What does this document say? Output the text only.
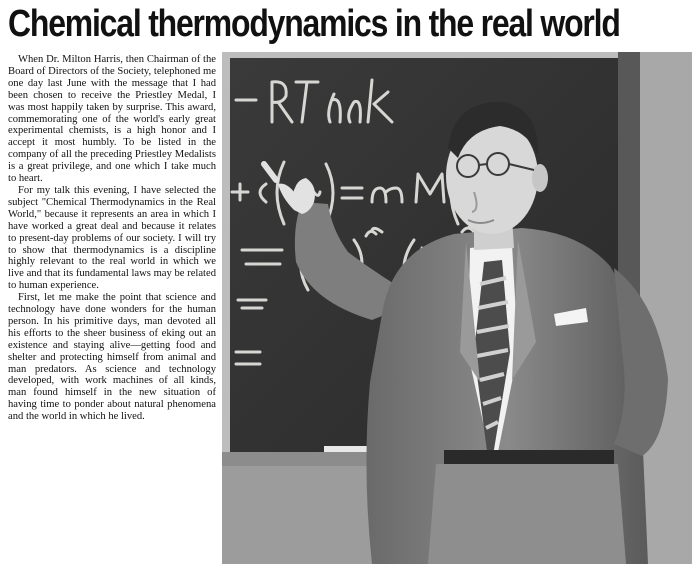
Chemical thermodynamics in the real world

When Dr. Milton Harris, then Chairman of the Board of Directors of the Society, telephoned me one day last June with the message that I had been chosen to receive the Priestley Medal, I was most happily taken by surprise. This award, commemorating one of the world's early great experimental chemists, is a high honor and I accept it most humbly. To be listed in the company of all the preceding Priestley Medalists is a great privilege, and one which I take much to heart.

For my talk this evening, I have selected the subject "Chemical Thermodynamics in the Real World," because it represents an area in which I have worked a great deal and because it relates to present-day problems of our society. I will try to show that thermodynamics is a discipline highly relevant to the real world in which we live and that its fundamental laws may be related to human experience.

First, let me make the point that science and technology have done wonders for the human person. In his primitive days, man devoted all his efforts to the sheer business of eking out an existence and staying alive—getting food and shelter and protecting himself from animal and man predators. As science and technology developed, with work machines of all kinds, man found himself in the new situation of having time to ponder about natural phenomena and the world in which he lived.
